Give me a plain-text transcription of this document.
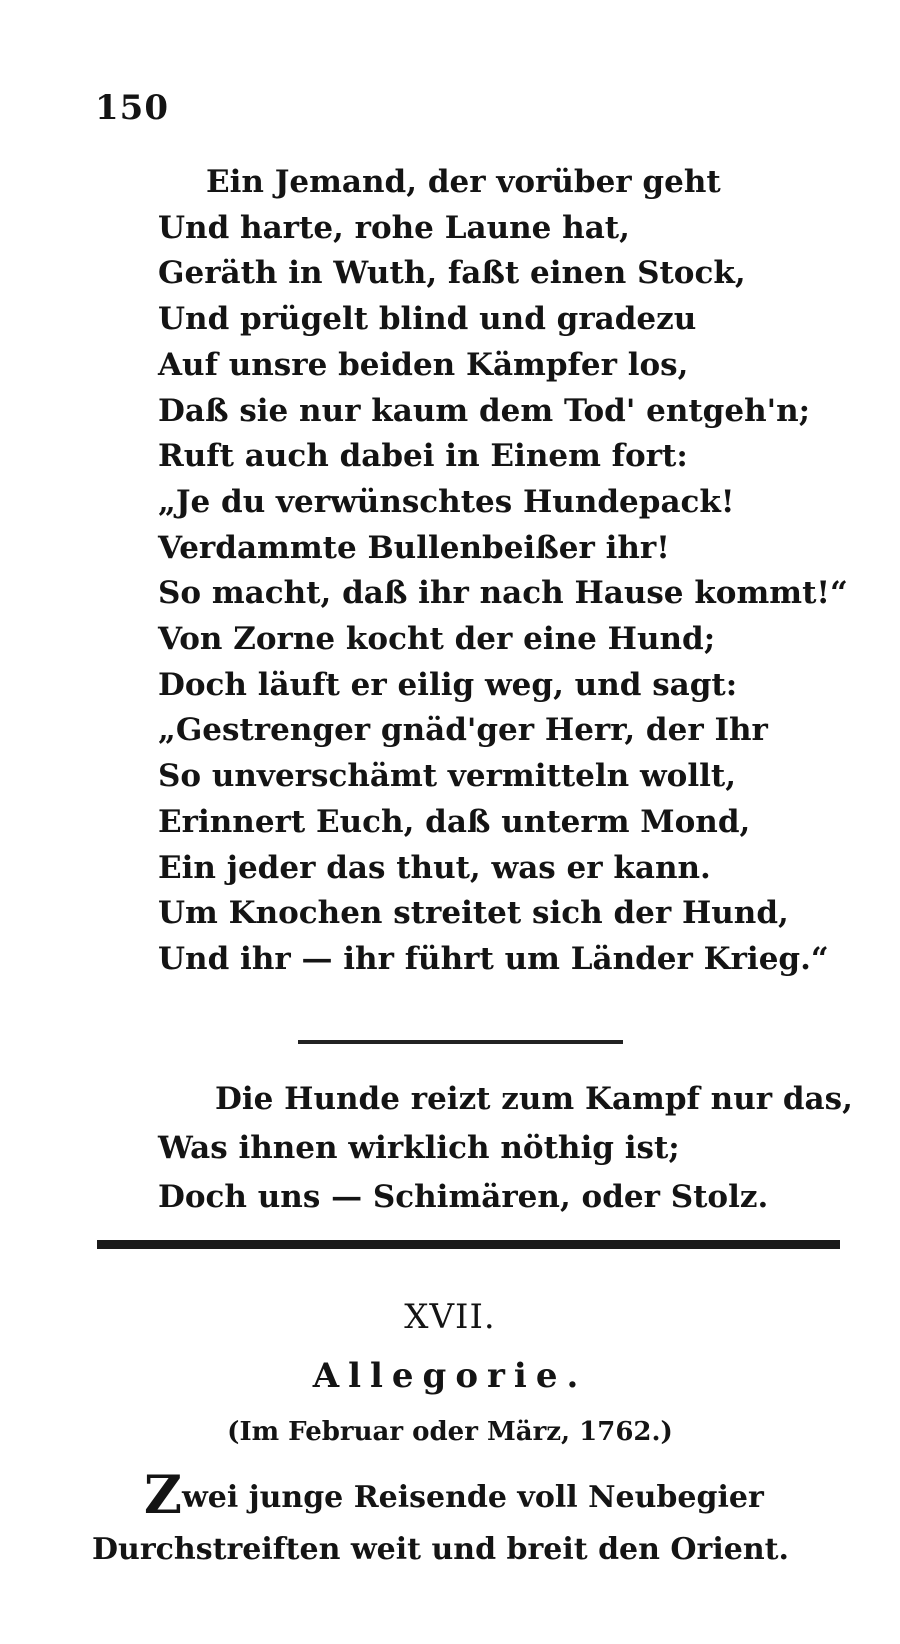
150
Ein Jemand, der vorüber geht
Und harte, rohe Laune hat,
Geräth in Wuth, faßt einen Stock,
Und prügelt blind und gradezu
Auf unsre beiden Kämpfer los,
Daß sie nur kaum dem Tod' entgeh'n;
Ruft auch dabei in Einem fort:
„Je du verwünschtes Hundepack!
Verdammte Bullenbeißer ihr!
So macht, daß ihr nach Hause kommt!“
Von Zorne kocht der eine Hund;
Doch läuft er eilig weg, und sagt:
„Gestrenger gnäd'ger Herr, der Ihr
So unverschämt vermitteln wollt,
Erinnert Euch, daß unterm Mond,
Ein jeder das thut, was er kann.
Um Knochen streitet sich der Hund,
Und ihr — ihr führt um Länder Krieg.“
Die Hunde reizt zum Kampf nur das,
Was ihnen wirklich nöthig ist;
Doch uns — Schimären, oder Stolz.
XVII.
Allegorie.
(Im Februar oder März, 1762.)
Zwei junge Reisende voll Neubegier
Durchstreiften weit und breit den Orient.
